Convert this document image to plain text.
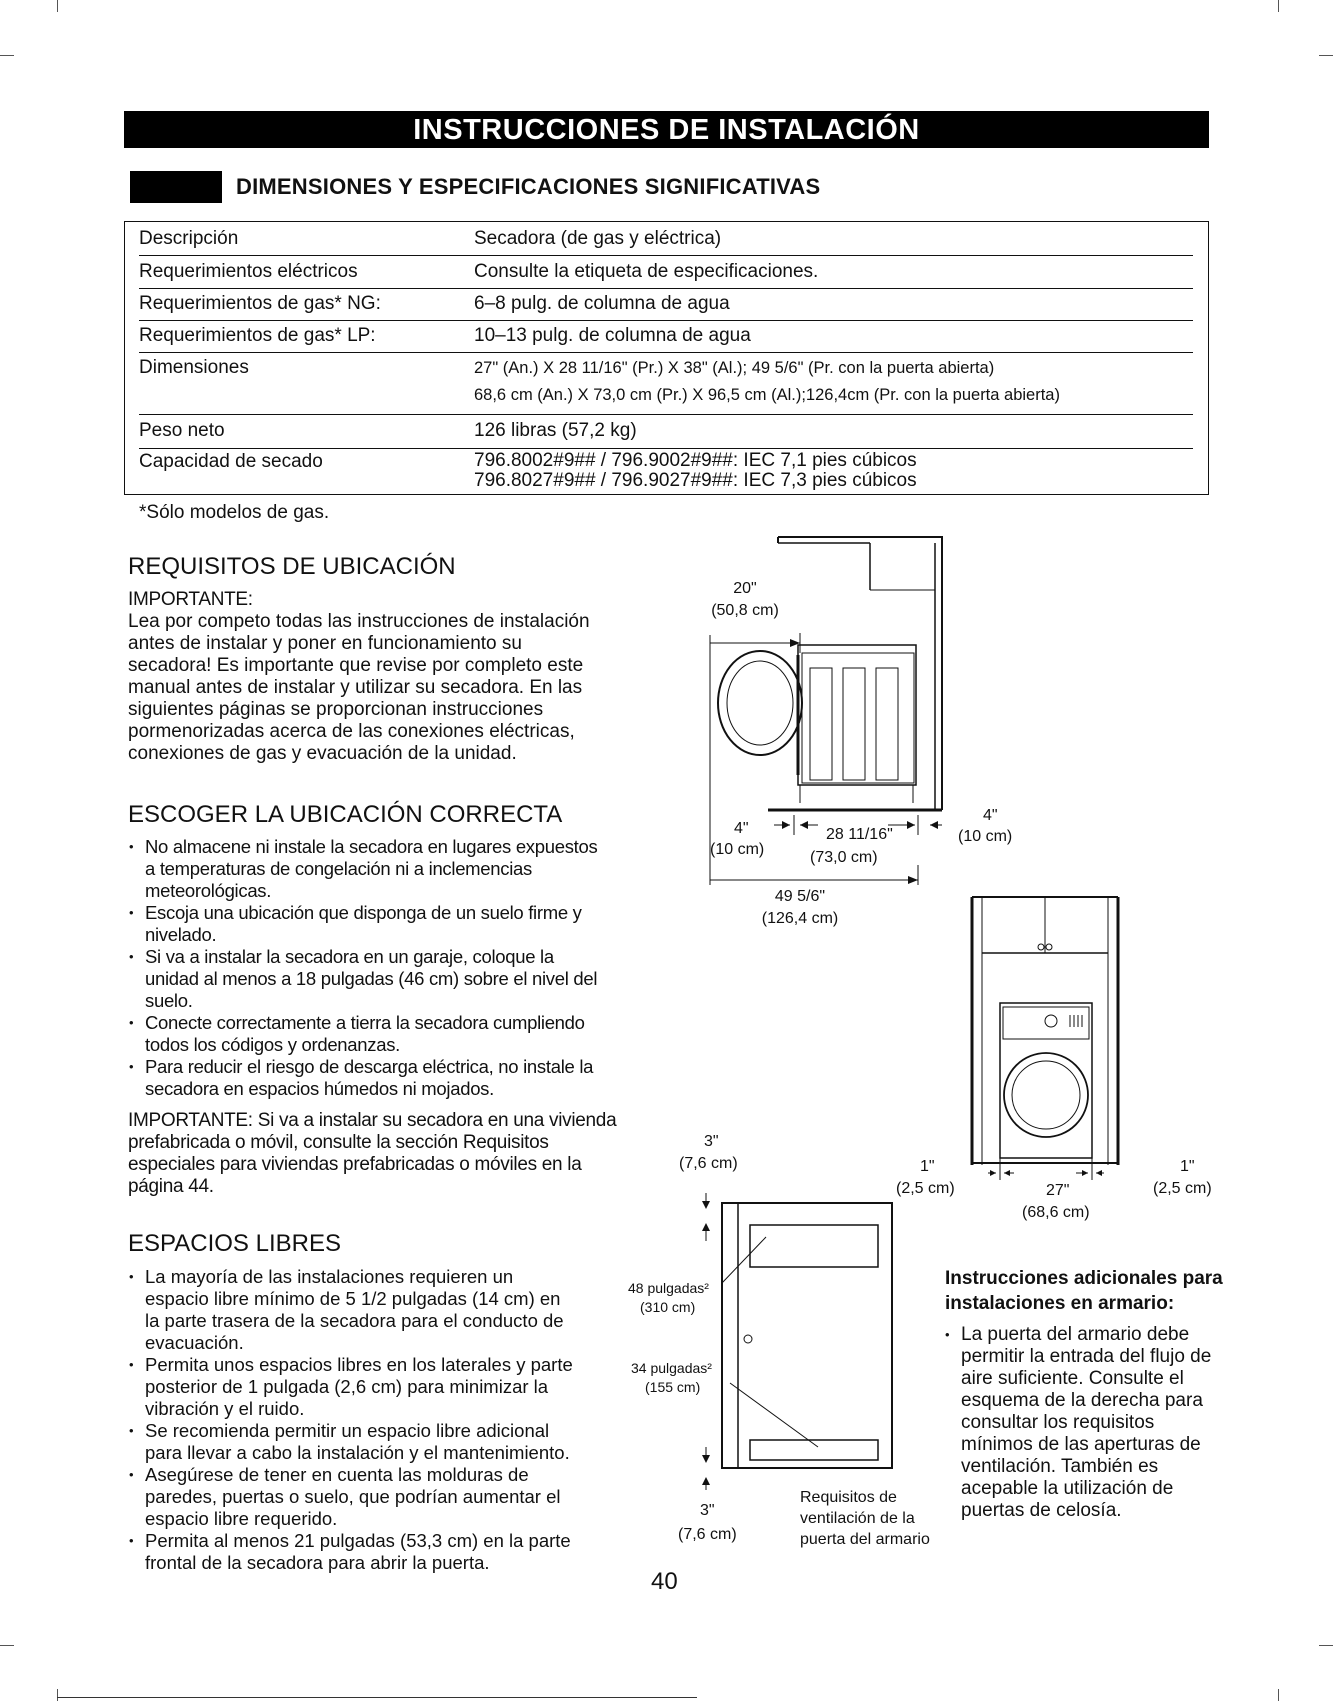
INSTRUCCIONES DE INSTALACIÓN
DIMENSIONES Y ESPECIFICACIONES SIGNIFICATIVAS
Descripción	Secadora (de gas y eléctrica)
Requerimientos eléctricos	Consulte la etiqueta de especificaciones.
Requerimientos de gas* NG:	6–8 pulg. de columna de agua
Requerimientos de gas* LP:	10–13 pulg. de columna de agua
Dimensiones	27" (An.) X 28 11/16" (Pr.) X 38" (Al.); 49 5/6" (Pr. con la puerta abierta)
68,6 cm (An.) X 73,0 cm (Pr.) X 96,5 cm (Al.);126,4cm (Pr. con la puerta abierta)
Peso neto	126 libras (57,2 kg)
Capacidad de secado	796.8002#9## / 796.9002#9##: IEC 7,1 pies cúbicos
796.8027#9## / 796.9027#9##: IEC 7,3 pies cúbicos
*Sólo modelos de gas.
REQUISITOS DE UBICACIÓN
IMPORTANTE:
Lea por competo todas las instrucciones de instalación
antes de instalar y poner en funcionamiento su
secadora! Es importante que revise por completo este
manual antes de instalar y utilizar su secadora. En las
siguientes páginas se proporcionan instrucciones
pormenorizadas acerca de las conexiones eléctricas,
conexiones de gas y evacuación de la unidad.
ESCOGER LA UBICACIÓN CORRECTA
• No almacene ni instale la secadora en lugares expuestos
a temperaturas de congelación ni a inclemencias
meteorológicas.
• Escoja una ubicación que disponga de un suelo firme y
nivelado.
• Si va a instalar la secadora en un garaje, coloque la
unidad al menos a 18 pulgadas (46 cm) sobre el nivel del
suelo.
• Conecte correctamente a tierra la secadora cumpliendo
todos los códigos y ordenanzas.
• Para reducir el riesgo de descarga eléctrica, no instale la
secadora en espacios húmedos ni mojados.
IMPORTANTE: Si va a instalar su secadora en una vivienda
prefabricada o móvil, consulte la sección Requisitos
especiales para viviendas prefabricadas o móviles en la
página 44.
ESPACIOS LIBRES
• La mayoría de las instalaciones requieren un
espacio libre mínimo de 5 1/2 pulgadas (14 cm) en
la parte trasera de la secadora para el conducto de
evacuación.
• Permita unos espacios libres en los laterales y parte
posterior de 1 pulgada (2,6 cm) para minimizar la
vibración y el ruido.
• Se recomienda permitir un espacio libre adicional
para llevar a cabo la instalación y el mantenimiento.
• Asegúrese de tener en cuenta las molduras de
paredes, puertas o suelo, que podrían aumentar el
espacio libre requerido.
• Permita al menos 21 pulgadas (53,3 cm) en la parte
frontal de la secadora para abrir la puerta.
20"
(50,8 cm)
4"
(10 cm)
28 11/16"
(73,0 cm)
4"
(10 cm)
49 5/6"
(126,4 cm)
1"
(2,5 cm)	27"
(68,6 cm)
1"
(2,5 cm)
3"
(7,6 cm)
48 pulgadas²
(310 cm)
34 pulgadas²
(155 cm)
3"
(7,6 cm)
Requisitos de
ventilación de la
puerta del armario
Instrucciones adicionales para
instalaciones en armario:
• La puerta del armario debe
permitir la entrada del flujo de
aire suficiente. Consulte el
esquema de la derecha para
consultar los requisitos
mínimos de las aperturas de
ventilación. También es
acepable la utilización de
puertas de celosía.
40
